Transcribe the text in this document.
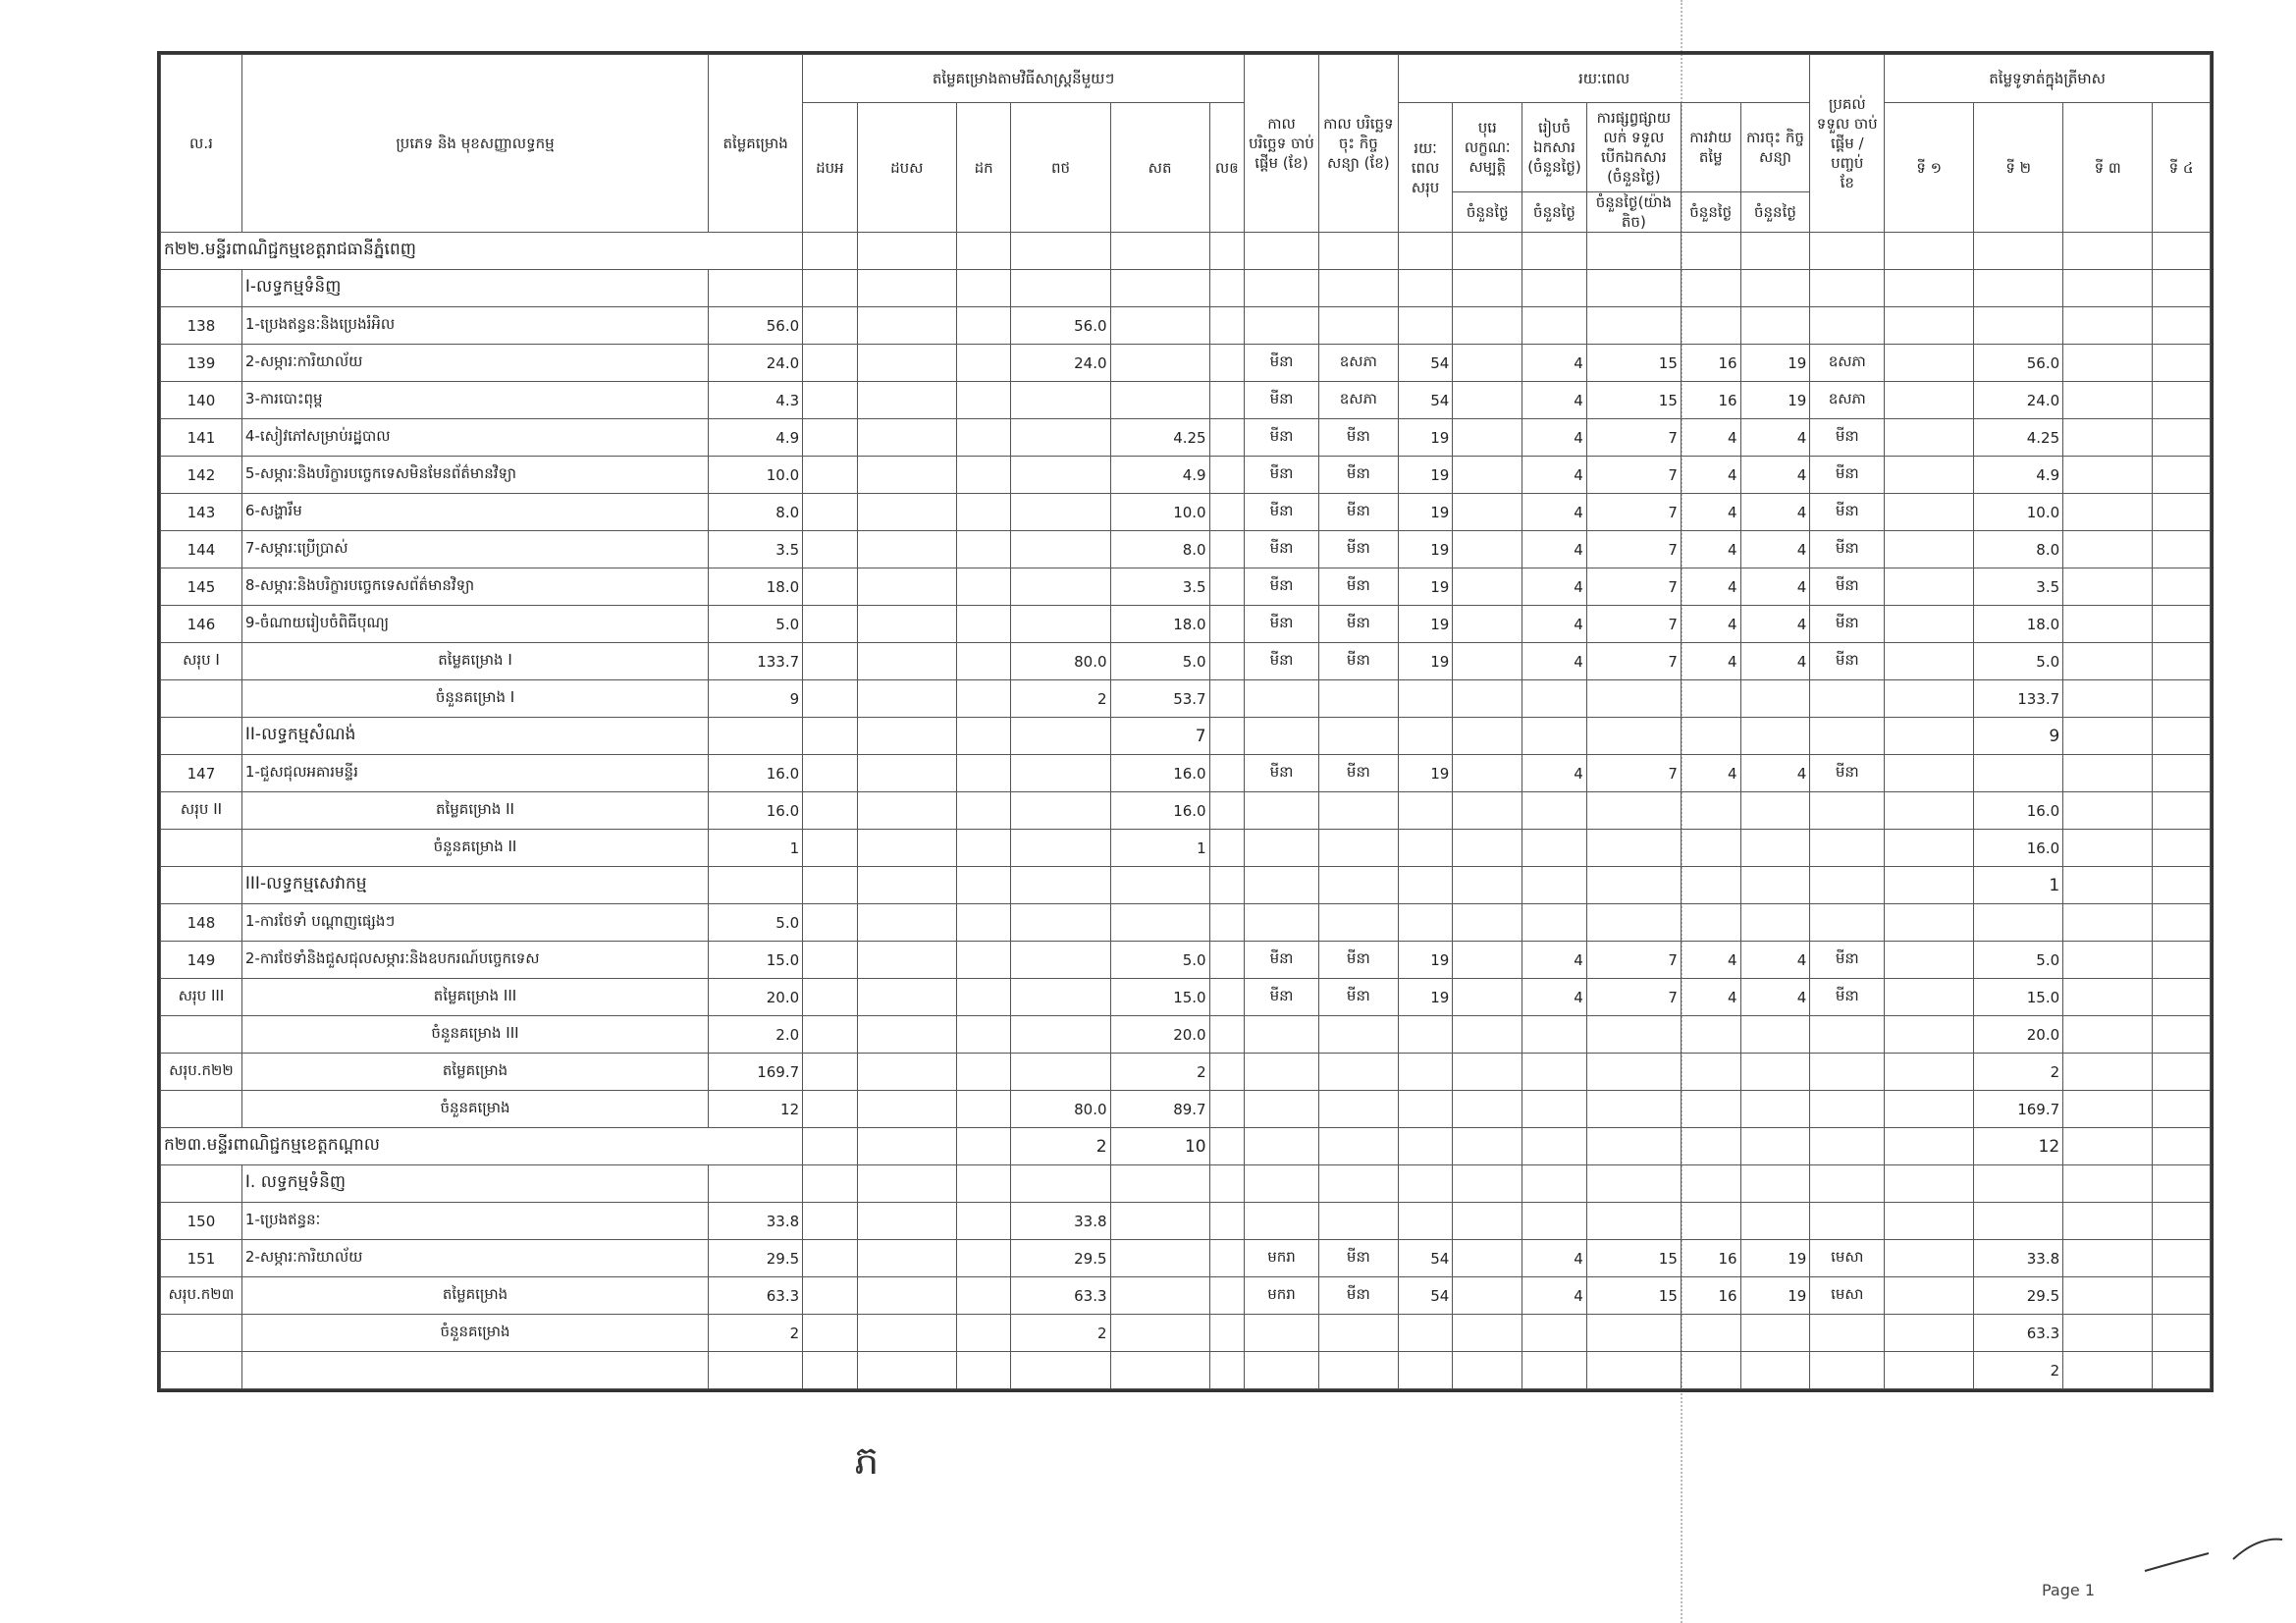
ល.រ	ប្រភេទ និង មុខសញ្ញាលទ្ធកម្ម	តម្លៃគម្រោង	តម្លៃគម្រោងតាមវិធីសាស្រ្តនីមួយៗ						កាល បរិច្ឆេទ ចាប់ផ្តើម (ខែ)	កាល បរិច្ឆេទចុះ កិច្ច សន្យា (ខែ)	រយៈពេល						ប្រគល់ទទួល ចាប់ផ្តើម / បញ្ចប់
ខែ	តម្លៃទូទាត់ក្នុងត្រីមាស			
			ដបអ	ដបស	ដក	ពថ	សត	លឲ			រយៈ ពេល សរុប	បុរេ លក្ខណៈ សម្បត្តិ	រៀបចំ ឯកសារ (ចំនួនថ្ងៃ)	ការផ្សព្វផ្សាយ លក់ ទទួល បើកឯកសារ (ចំនួនថ្ងៃ)	ការវាយ តម្លៃ	ការចុះ កិច្ចសន្យា		ទី ១	ទី ២	ទី ៣	ទី ៤
												ចំនួនថ្ងៃ	ចំនួនថ្ងៃ	ចំនួនថ្ងៃ(យ៉ាង តិច)	ចំនួនថ្ងៃ	ចំនួនថ្ងៃ					
ក២២.មន្ទីរពាណិជ្ជកម្មខេត្តរាជធានីភ្នំពេញ																					
	I-លទ្ធកម្មទំនិញ																				
138	1-ប្រេងឥន្ធនៈនិងប្រេងរំអិល	56.0				56.0															
139	2-សម្ភារៈការិយាល័យ	24.0				24.0			មីនា	ឧសភា	54		4	15	16	19	ឧសភា		56.0		
140	3-ការបោះពុម្ព	4.3							មីនា	ឧសភា	54		4	15	16	19	ឧសភា		24.0		
141	4-សៀវភៅសម្រាប់រដ្ឋបាល	4.9					4.25		មីនា	មីនា	19		4	7	4	4	មីនា		4.25		
142	5-សម្ភារៈនិងបរិក្ខារបច្ចេកទេសមិនមែនព័ត៌មានវិទ្យា	10.0					4.9		មីនា	មីនា	19		4	7	4	4	មីនា		4.9		
143	6-សង្ហារឹម	8.0					10.0		មីនា	មីនា	19		4	7	4	4	មីនា		10.0		
144	7-សម្ភារៈប្រើប្រាស់	3.5					8.0		មីនា	មីនា	19		4	7	4	4	មីនា		8.0		
145	8-សម្ភារៈនិងបរិក្ខារបច្ចេកទេសព័ត៌មានវិទ្យា	18.0					3.5		មីនា	មីនា	19		4	7	4	4	មីនា		3.5		
146	9-ចំណាយរៀបចំពិធីបុណ្យ	5.0					18.0		មីនា	មីនា	19		4	7	4	4	មីនា		18.0		
សរុប I	តម្លៃគម្រោង I	133.7				80.0	5.0		មីនា	មីនា	19		4	7	4	4	មីនា		5.0		
	ចំនួនគម្រោង I	9				2	53.7												133.7		
	II-លទ្ធកម្មសំណង់						7												9		
147	1-ជួសជុលអគារមន្ទីរ	16.0					16.0		មីនា	មីនា	19		4	7	4	4	មីនា				
សរុប II	តម្លៃគម្រោង II	16.0					16.0												16.0		
	ចំនួនគម្រោង II	1					1												16.0		
	III-លទ្ធកម្មសេវាកម្ម																		1		
148	1-ការថែទាំ បណ្តាញផ្សេងៗ	5.0																			
149	2-ការថែទាំនិងជួសជុលសម្ភារៈនិងឧបករណ៍បច្ចេកទេស	15.0					5.0		មីនា	មីនា	19		4	7	4	4	មីនា		5.0		
សរុប III	តម្លៃគម្រោង III	20.0					15.0		មីនា	មីនា	19		4	7	4	4	មីនា		15.0		
	ចំនួនគម្រោង III	2.0					20.0												20.0		
សរុប.ក២២	តម្លៃគម្រោង	169.7					2												2		
	ចំនួនគម្រោង	12				80.0	89.7												169.7		
ក២៣.មន្ទីរពាណិជ្ជកម្មខេត្តកណ្តាល						2	10												12		
	I. លទ្ធកម្មទំនិញ																				
150	1-ប្រេងឥន្ធនៈ	33.8				33.8															
151	2-សម្ភារៈការិយាល័យ	29.5				29.5			មករា	មីនា	54		4	15	16	19	មេសា		33.8		
សរុប.ក២៣	តម្លៃគម្រោង	63.3				63.3			មករា	មីនា	54		4	15	16	19	មេសា		29.5		
	ចំនួនគម្រោង	2				2													63.3		
																			2		
ភ
Page 1
